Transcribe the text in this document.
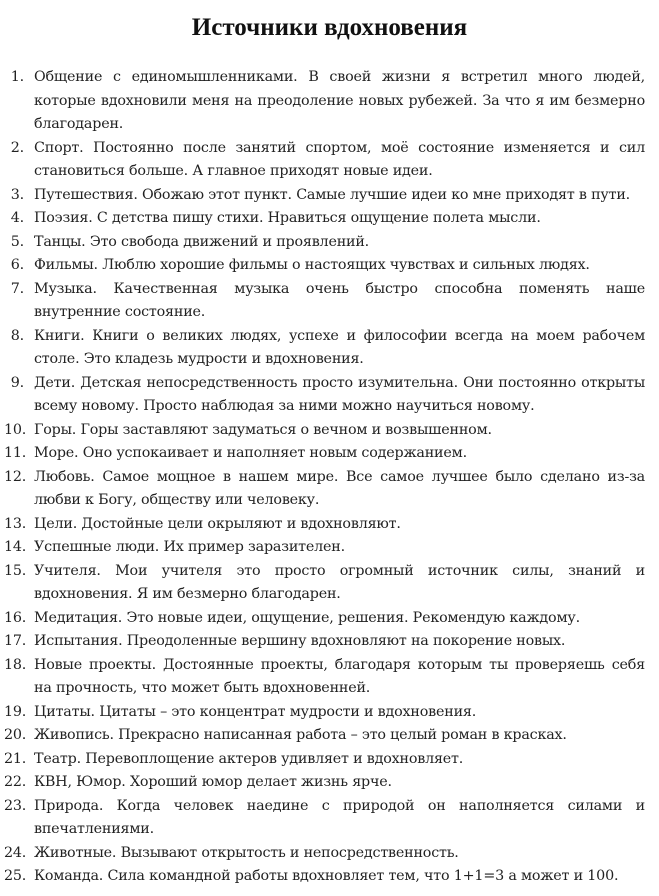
Источники вдохновения
1. Общение с единомышленниками. В своей жизни я встретил много людей, которые вдохновили меня на преодоление новых рубежей. За что я им безмерно благодарен.
2. Спорт. Постоянно после занятий спортом, моё состояние изменяется и сил становиться больше. А главное приходят новые идеи.
3. Путешествия. Обожаю этот пункт. Самые лучшие идеи ко мне приходят в пути.
4. Поэзия. С детства пишу стихи. Нравиться ощущение полета мысли.
5. Танцы. Это свобода движений и проявлений.
6. Фильмы. Люблю хорошие фильмы о настоящих чувствах и сильных людях.
7. Музыка. Качественная музыка очень быстро способна поменять наше внутренние состояние.
8. Книги. Книги о великих людях, успехе и философии всегда на моем рабочем столе. Это кладезь мудрости и вдохновения.
9. Дети. Детская непосредственность просто изумительна. Они постоянно открыты всему новому. Просто наблюдая за ними можно научиться новому.
10. Горы. Горы заставляют задуматься о вечном и возвышенном.
11. Море. Оно успокаивает и наполняет новым содержанием.
12. Любовь. Самое мощное в нашем мире. Все самое лучшее было сделано из-за любви к Богу, обществу или человеку.
13. Цели. Достойные цели окрыляют и вдохновляют.
14. Успешные люди. Их пример заразителен.
15. Учителя. Мои учителя это просто огромный источник силы, знаний и вдохновения. Я им безмерно благодарен.
16. Медитация. Это новые идеи, ощущение, решения. Рекомендую каждому.
17. Испытания. Преодоленные вершину вдохновляют на покорение новых.
18. Новые проекты. Достоянные проекты, благодаря которым ты проверяешь себя на прочность, что может быть вдохновенней.
19. Цитаты. Цитаты – это концентрат мудрости и вдохновения.
20. Живопись. Прекрасно написанная работа – это целый роман в красках.
21. Театр. Перевоплощение актеров удивляет и вдохновляет.
22. КВН, Юмор. Хороший юмор делает жизнь ярче.
23. Природа. Когда человек наедине с природой он наполняется силами и впечатлениями.
24. Животные. Вызывают открытость и непосредственность.
25. Команда. Сила командной работы вдохновляет тем, что 1+1=3 а может и 100.
